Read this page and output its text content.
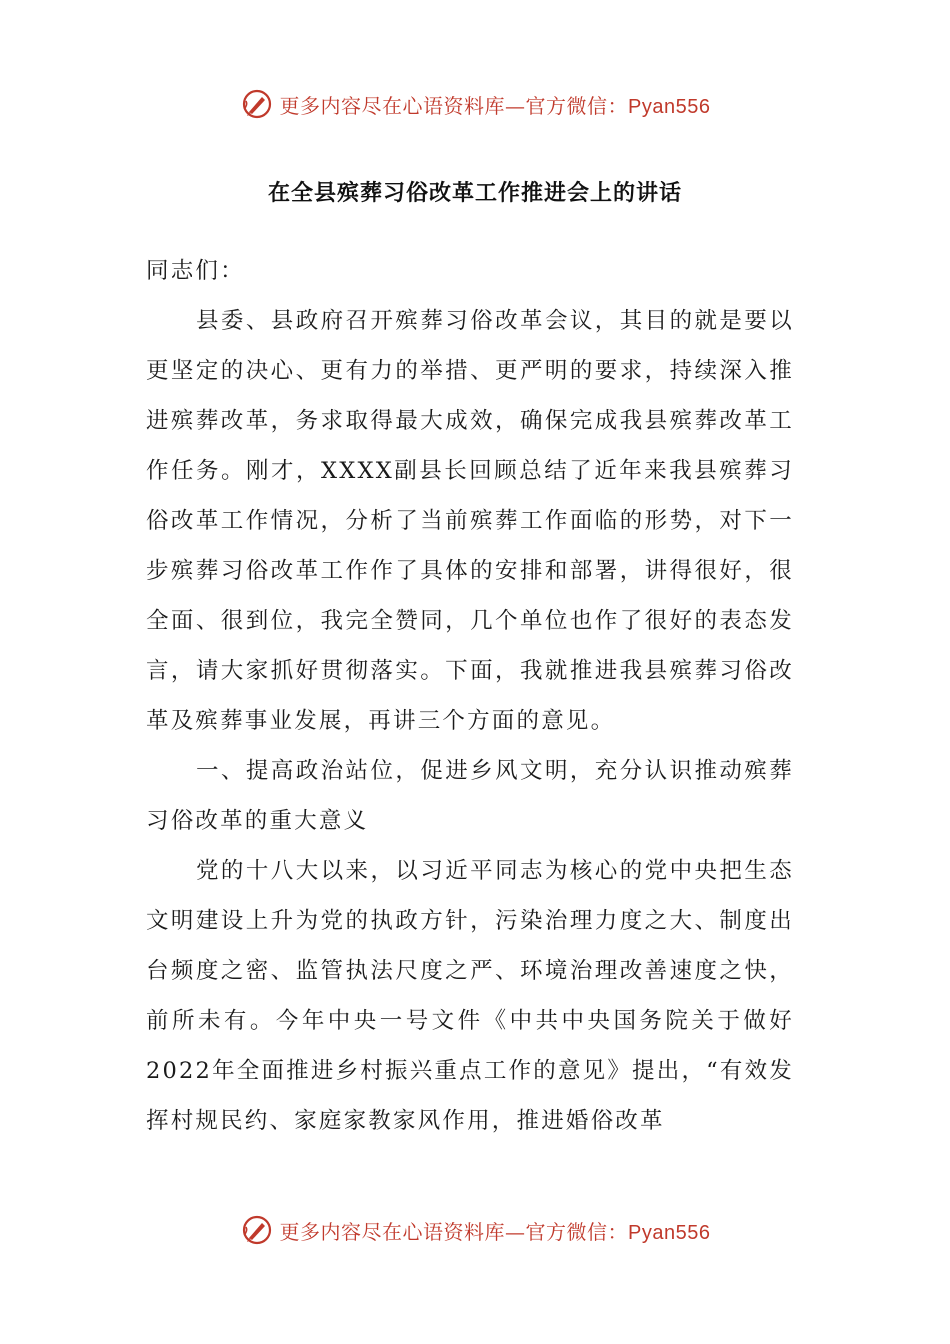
更多内容尽在心语资料库—官方微信：Pyan556
在全县殡葬习俗改革工作推进会上的讲话

同志们：

县委、县政府召开殡葬习俗改革会议，其目的就是要以更坚定的决心、更有力的举措、更严明的要求，持续深入推进殡葬改革，务求取得最大成效，确保完成我县殡葬改革工作任务。刚才，XXXX副县长回顾总结了近年来我县殡葬习俗改革工作情况，分析了当前殡葬工作面临的形势，对下一步殡葬习俗改革工作作了具体的安排和部署，讲得很好，很全面、很到位，我完全赞同，几个单位也作了很好的表态发言，请大家抓好贯彻落实。下面，我就推进我县殡葬习俗改革及殡葬事业发展，再讲三个方面的意见。

一、提高政治站位，促进乡风文明，充分认识推动殡葬习俗改革的重大意义

党的十八大以来，以习近平同志为核心的党中央把生态文明建设上升为党的执政方针，污染治理力度之大、制度出台频度之密、监管执法尺度之严、环境治理改善速度之快，前所未有。今年中央一号文件《中共中央国务院关于做好2022年全面推进乡村振兴重点工作的意见》提出，“有效发挥村规民约、家庭家教家风作用，推进婚俗改革

更多内容尽在心语资料库—官方微信：Pyan556
